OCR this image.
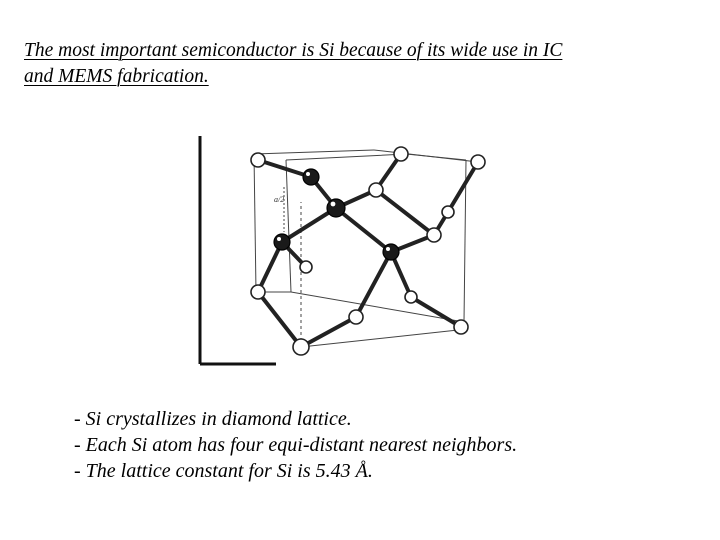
The most important semiconductor is Si because of its wide use in IC
and MEMS fabrication.
a/2
- Si crystallizes in diamond lattice.
- Each Si atom has four equi-distant nearest neighbors.
- The lattice constant for Si is 5.43 Å.
